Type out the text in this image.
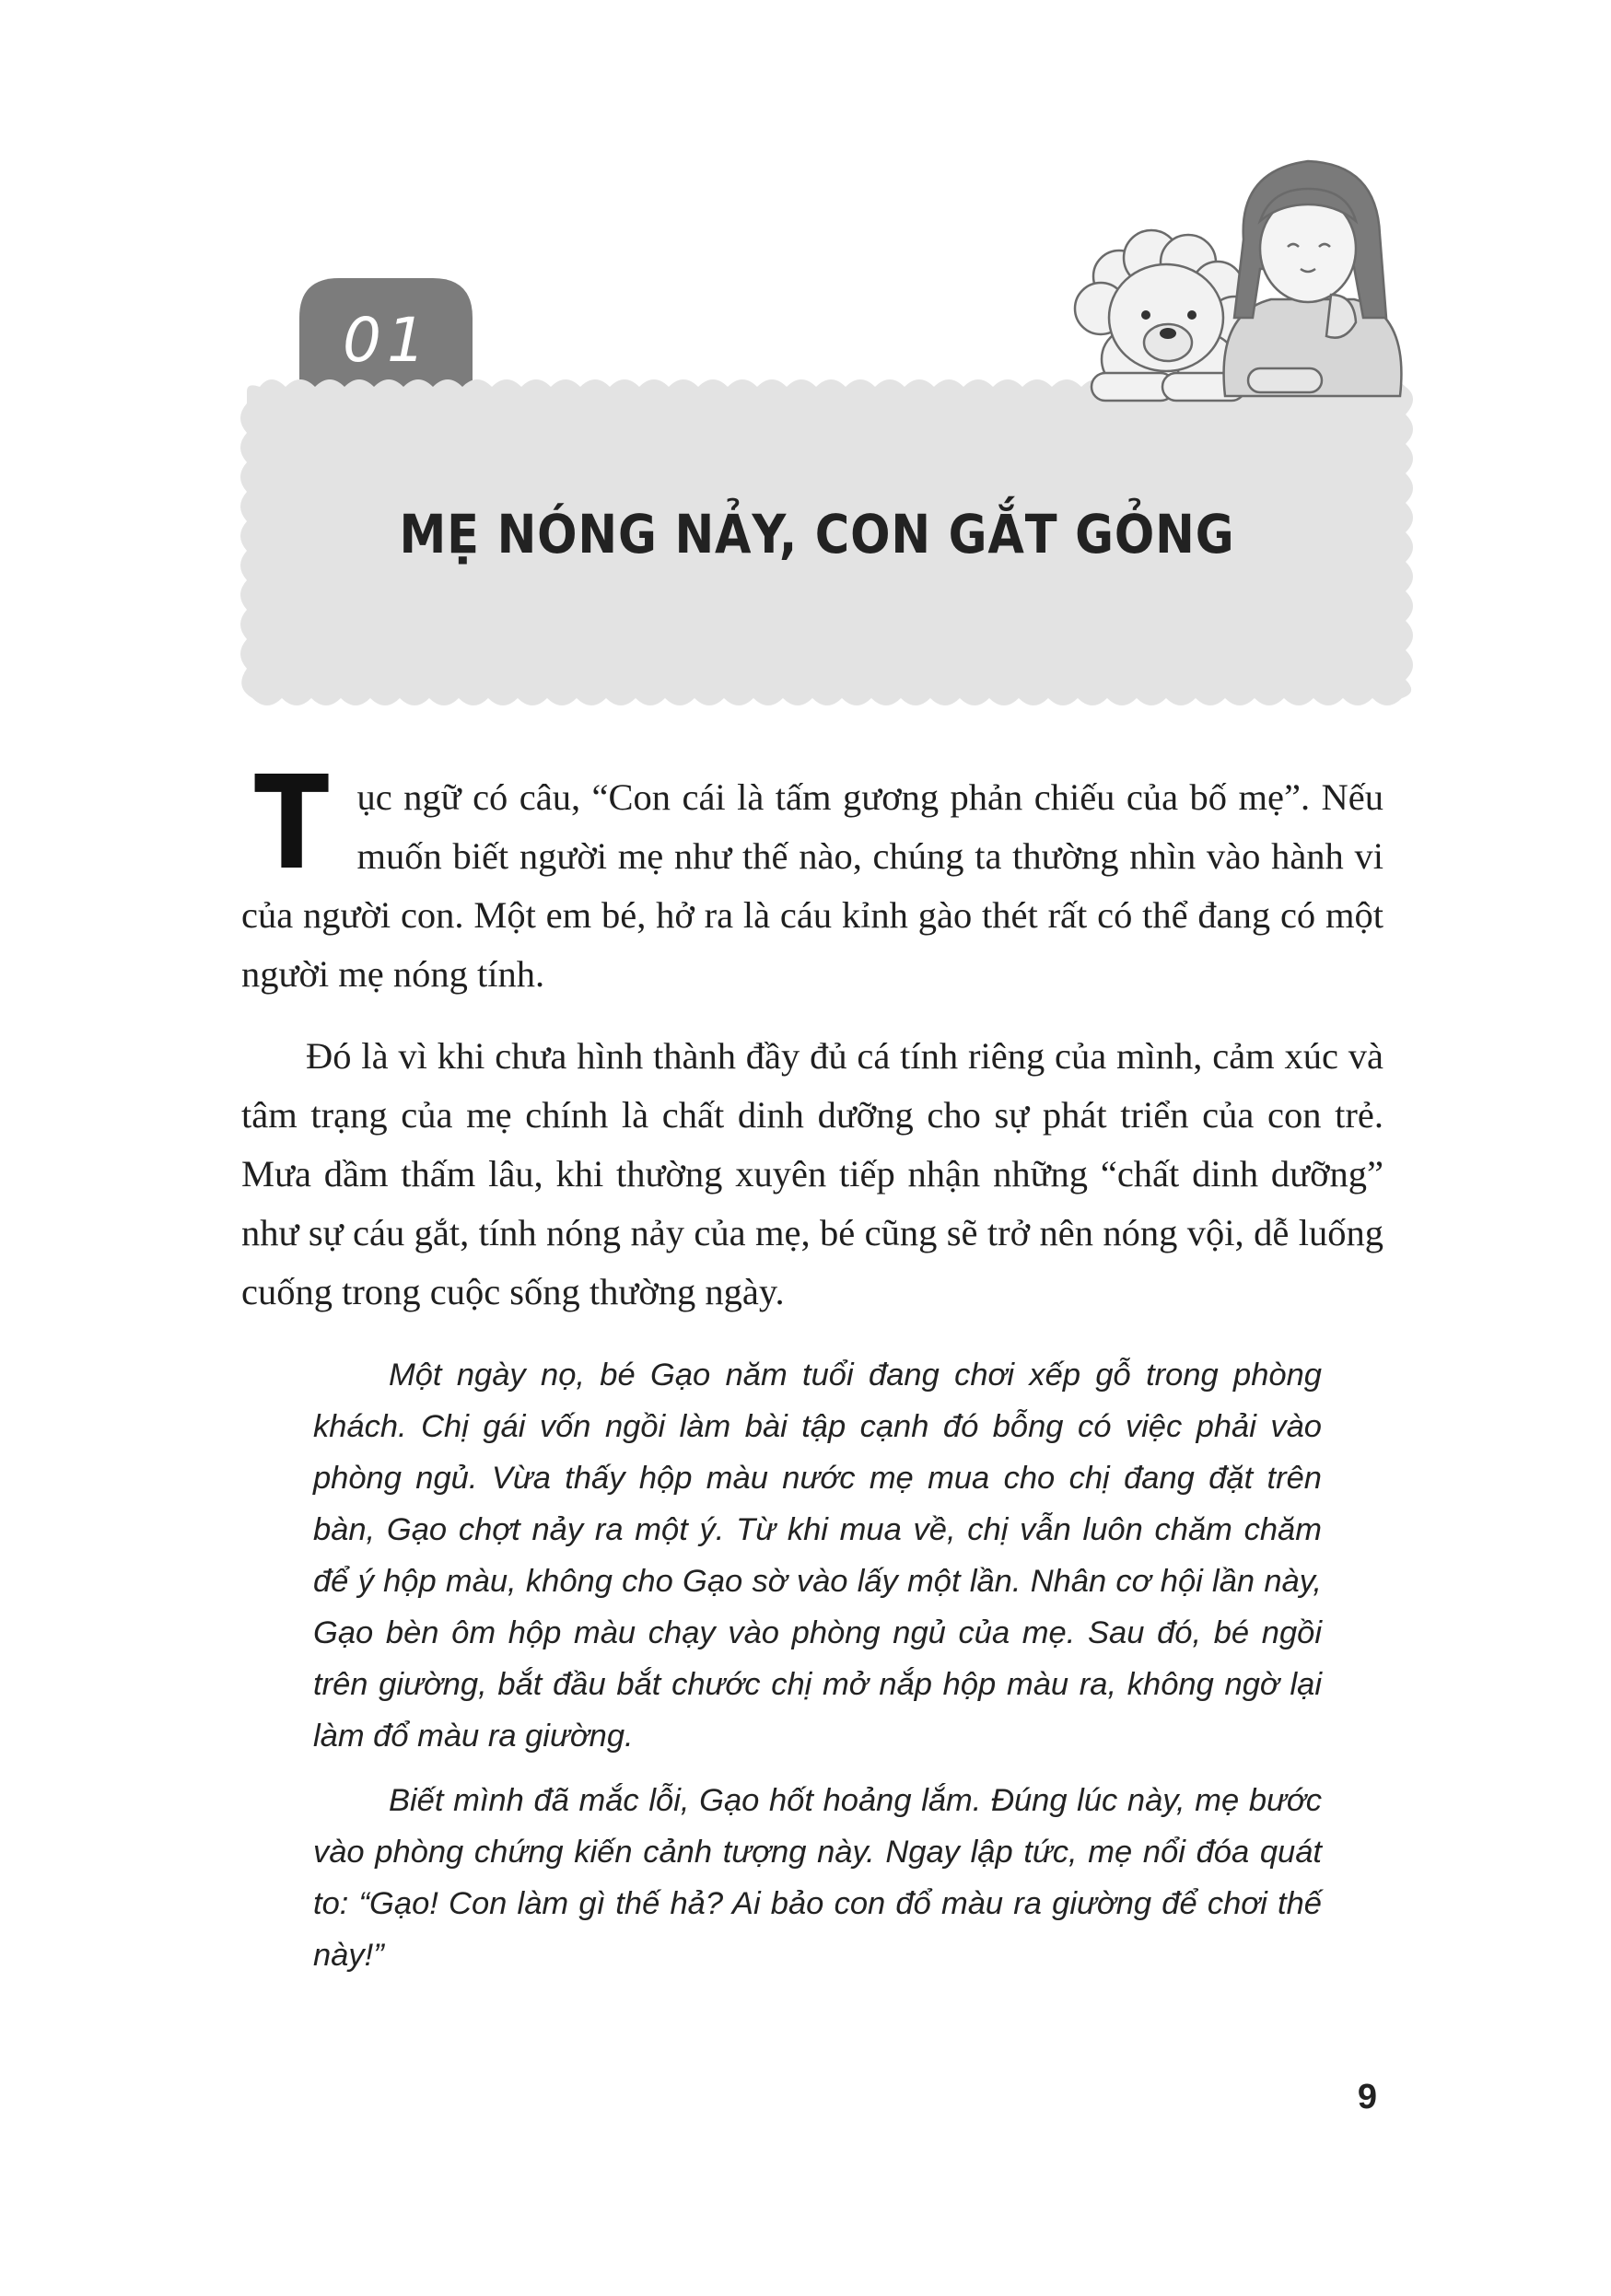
01
MẸ NÓNG NẢY, CON GẮT GỎNG

Tục ngữ có câu, “Con cái là tấm gương phản chiếu của bố mẹ”. Nếu muốn biết người mẹ như thế nào, chúng ta thường nhìn vào hành vi của người con. Một em bé, hở ra là cáu kỉnh gào thét rất có thể đang có một người mẹ nóng tính.

Đó là vì khi chưa hình thành đầy đủ cá tính riêng của mình, cảm xúc và tâm trạng của mẹ chính là chất dinh dưỡng cho sự phát triển của con trẻ. Mưa dầm thấm lâu, khi thường xuyên tiếp nhận những “chất dinh dưỡng” như sự cáu gắt, tính nóng nảy của mẹ, bé cũng sẽ trở nên nóng vội, dễ luống cuống trong cuộc sống thường ngày.

Một ngày nọ, bé Gạo năm tuổi đang chơi xếp gỗ trong phòng khách. Chị gái vốn ngồi làm bài tập cạnh đó bỗng có việc phải vào phòng ngủ. Vừa thấy hộp màu nước mẹ mua cho chị đang đặt trên bàn, Gạo chợt nảy ra một ý. Từ khi mua về, chị vẫn luôn chăm chăm để ý hộp màu, không cho Gạo sờ vào lấy một lần. Nhân cơ hội lần này, Gạo bèn ôm hộp màu chạy vào phòng ngủ của mẹ. Sau đó, bé ngồi trên giường, bắt đầu bắt chước chị mở nắp hộp màu ra, không ngờ lại làm đổ màu ra giường.

Biết mình đã mắc lỗi, Gạo hốt hoảng lắm. Đúng lúc này, mẹ bước vào phòng chứng kiến cảnh tượng này. Ngay lập tức, mẹ nổi đóa quát to: “Gạo! Con làm gì thế hả? Ai bảo con đổ màu ra giường để chơi thế này!”

9
